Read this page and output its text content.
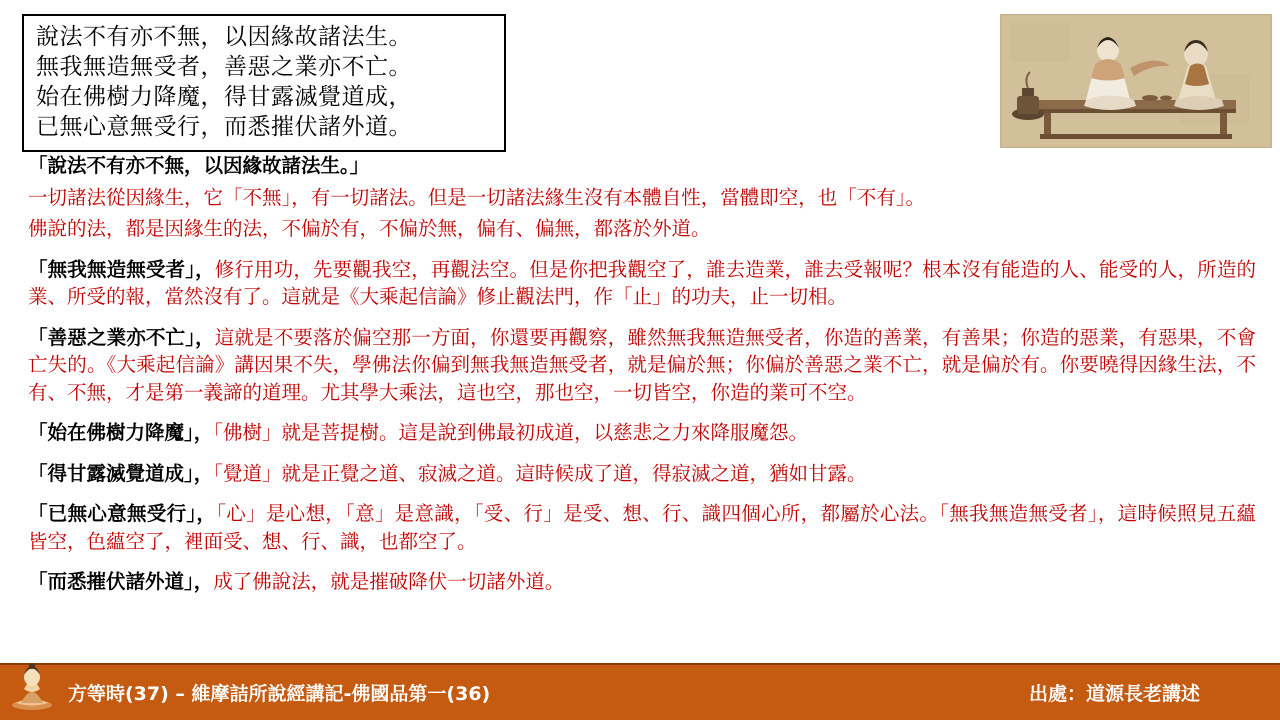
說法不有亦不無，以因緣故諸法生。
無我無造無受者，善惡之業亦不亡。
始在佛樹力降魔，得甘露滅覺道成，
已無心意無受行，而悉摧伏諸外道。

「說法不有亦不無，以因緣故諸法生。」

一切諸法從因緣生，它「不無」，有一切諸法。但是一切諸法緣生沒有本體自性，當體即空，也「不有」。

佛說的法，都是因緣生的法，不偏於有，不偏於無，偏有、偏無，都落於外道。

「無我無造無受者」，修行用功，先要觀我空，再觀法空。但是你把我觀空了，誰去造業，誰去受報呢？根本沒有能造的人、能受的人，所造的業、所受的報，當然沒有了。這就是《大乘起信論》修止觀法門，作「止」的功夫，止一切相。

「善惡之業亦不亡」，這就是不要落於偏空那一方面，你還要再觀察，雖然無我無造無受者，你造的善業，有善果；你造的惡業，有惡果，不會亡失的。《大乘起信論》講因果不失，學佛法你偏到無我無造無受者，就是偏於無；你偏於善惡之業不亡，就是偏於有。你要曉得因緣生法，不有、不無，才是第一義諦的道理。尤其學大乘法，這也空，那也空，一切皆空，你造的業可不空。

「始在佛樹力降魔」，「佛樹」就是菩提樹。這是說到佛最初成道，以慈悲之力來降服魔怨。

「得甘露滅覺道成」，「覺道」就是正覺之道、寂滅之道。這時候成了道，得寂滅之道，猶如甘露。

「已無心意無受行」，「心」是心想，「意」是意識，「受、行」是受、想、行、識四個心所，都屬於心法。「無我無造無受者」，這時候照見五蘊皆空，色蘊空了，裡面受、想、行、識，也都空了。

「而悉摧伏諸外道」，成了佛說法，就是摧破降伏一切諸外道。

方等時(37) – 維摩詰所說經講記-佛國品第一(36)	出處：道源長老講述
